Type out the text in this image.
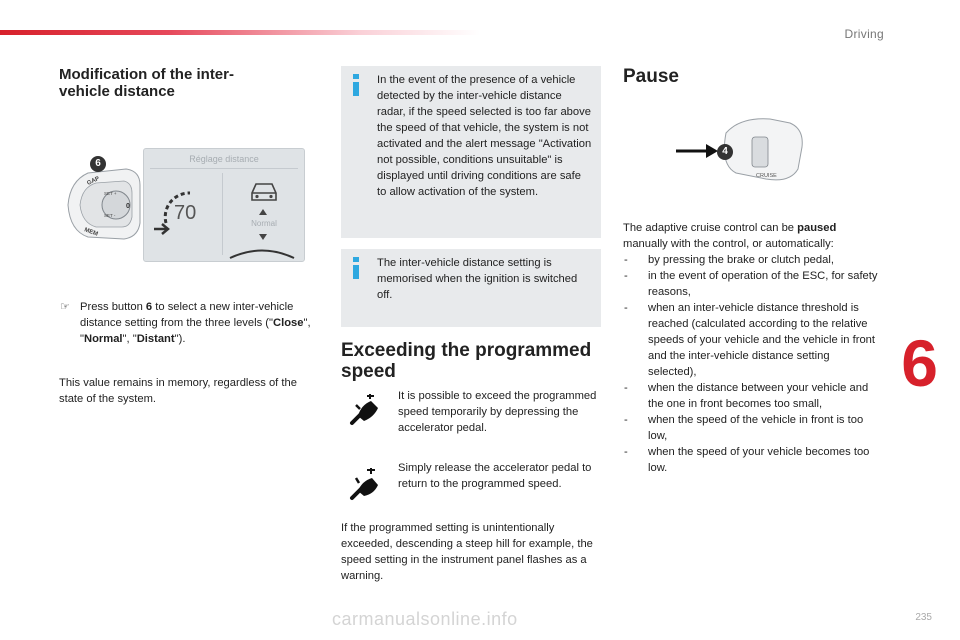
Driving
Modification of the inter-vehicle distance
GAP
SET +
SET -
MEM
0
6	Réglage distance
70	Normal
☞ Press button 6 to select a new inter-vehicle distance setting from the three levels ("Close", "Normal", "Distant").
This value remains in memory, regardless of the state of the system.
In the event of the presence of a vehicle detected by the inter-vehicle distance radar, if the speed selected is too far above the speed of that vehicle, the system is not activated and the alert message "Activation not possible, conditions unsuitable" is displayed until driving conditions are safe to allow activation of the system.
The inter-vehicle distance setting is memorised when the ignition is switched off.
Exceeding the programmed speed
It is possible to exceed the programmed speed temporarily by depressing the accelerator pedal.
Simply release the accelerator pedal to return to the programmed speed.
If the programmed setting is unintentionally exceeded, descending a steep hill for example, the speed setting in the instrument panel flashes as a warning.
Pause
CRUISE
4
The adaptive cruise control can be paused manually with the control, or automatically:
- by pressing the brake or clutch pedal,
- in the event of operation of the ESC, for safety reasons,
- when an inter-vehicle distance threshold is reached (calculated according to the relative speeds of your vehicle and the vehicle in front and the inter-vehicle distance setting selected),
- when the distance between your vehicle and the one in front becomes too small,
- when the speed of the vehicle in front is too low,
- when the speed of your vehicle becomes too low.
6
235
carmanualsonline.info
